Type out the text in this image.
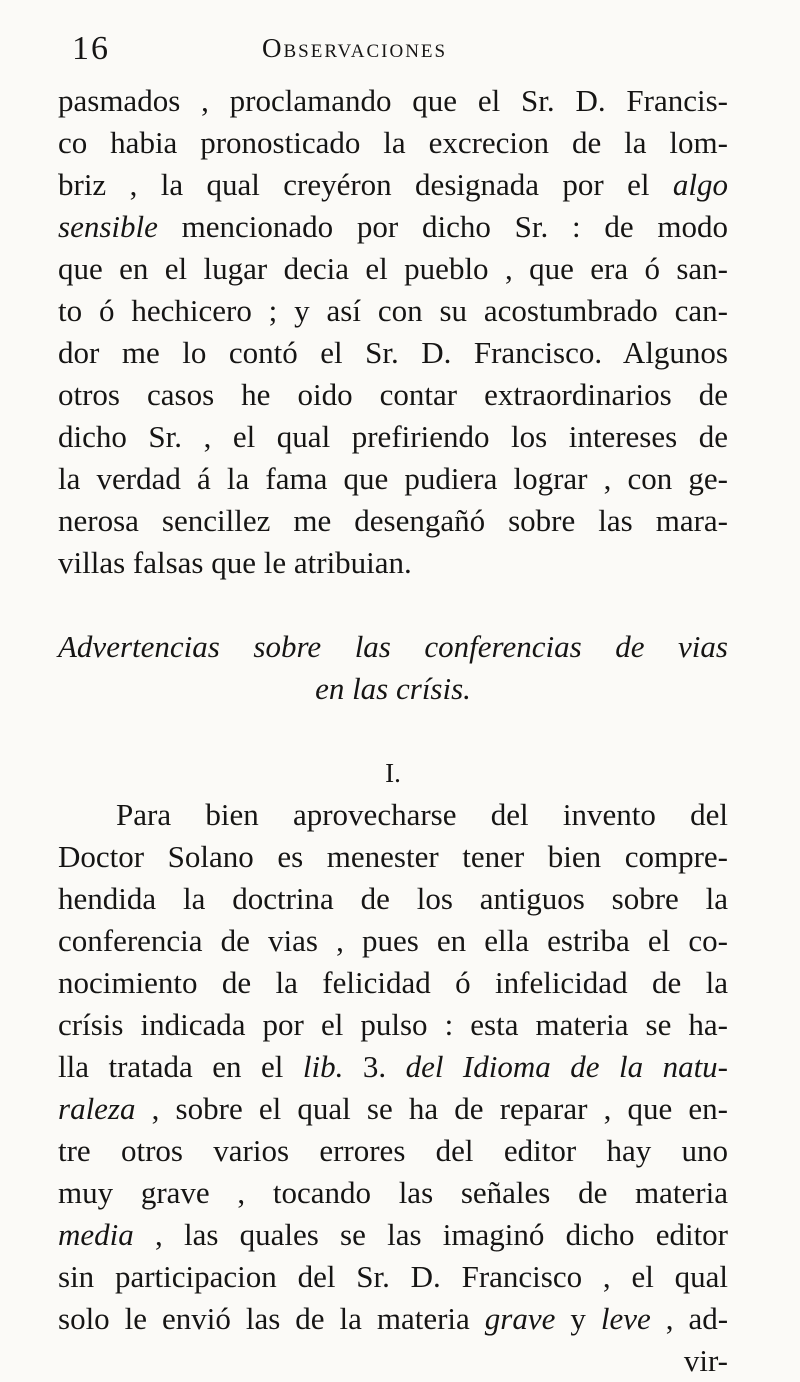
16	Observaciones
pasmados , proclamando que el Sr. D. Francis-
co habia pronosticado la excrecion de la lom-
briz , la qual creyéron designada por el algo
sensible mencionado por dicho Sr. : de modo
que en el lugar decia el pueblo , que era ó san-
to ó hechicero ; y así con su acostumbrado can-
dor me lo contó el Sr. D. Francisco. Algunos
otros casos he oido contar extraordinarios de
dicho Sr. , el qual prefiriendo los intereses de
la verdad á la fama que pudiera lograr , con ge-
nerosa sencillez me desengañó sobre las mara-
villas falsas que le atribuian.
Advertencias sobre las conferencias de vias
en las crísis.
I.
Para bien aprovecharse del invento del
Doctor Solano es menester tener bien compre-
hendida la doctrina de los antiguos sobre la
conferencia de vias , pues en ella estriba el co-
nocimiento de la felicidad ó infelicidad de la
crísis indicada por el pulso : esta materia se ha-
lla tratada en el lib. 3. del Idioma de la natu-
raleza , sobre el qual se ha de reparar , que en-
tre otros varios errores del editor hay uno
muy grave , tocando las señales de materia
media , las quales se las imaginó dicho editor
sin participacion del Sr. D. Francisco , el qual
solo le envió las de la materia grave y leve , ad-
vir-
